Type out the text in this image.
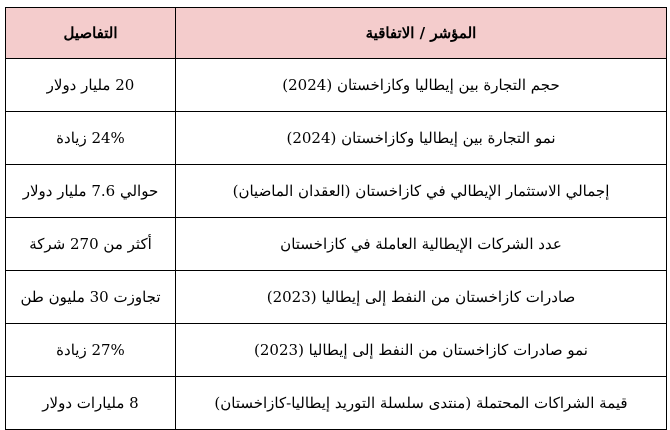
التفاصيل	المؤشر / الاتفاقية
20 مليار دولار	حجم التجارة بين إيطاليا وكازاخستان (2024)
24% زيادة	نمو التجارة بين إيطاليا وكازاخستان (2024)
حوالي 7.6 مليار دولار	إجمالي الاستثمار الإيطالي في كازاخستان (العقدان الماضيان)
أكثر من 270 شركة	عدد الشركات الإيطالية العاملة في كازاخستان
تجاوزت 30 مليون طن	صادرات كازاخستان من النفط إلى إيطاليا (2023)
27% زيادة	نمو صادرات كازاخستان من النفط إلى إيطاليا (2023)
8 مليارات دولار	قيمة الشراكات المحتملة (منتدى سلسلة التوريد إيطاليا-كازاخستان)
